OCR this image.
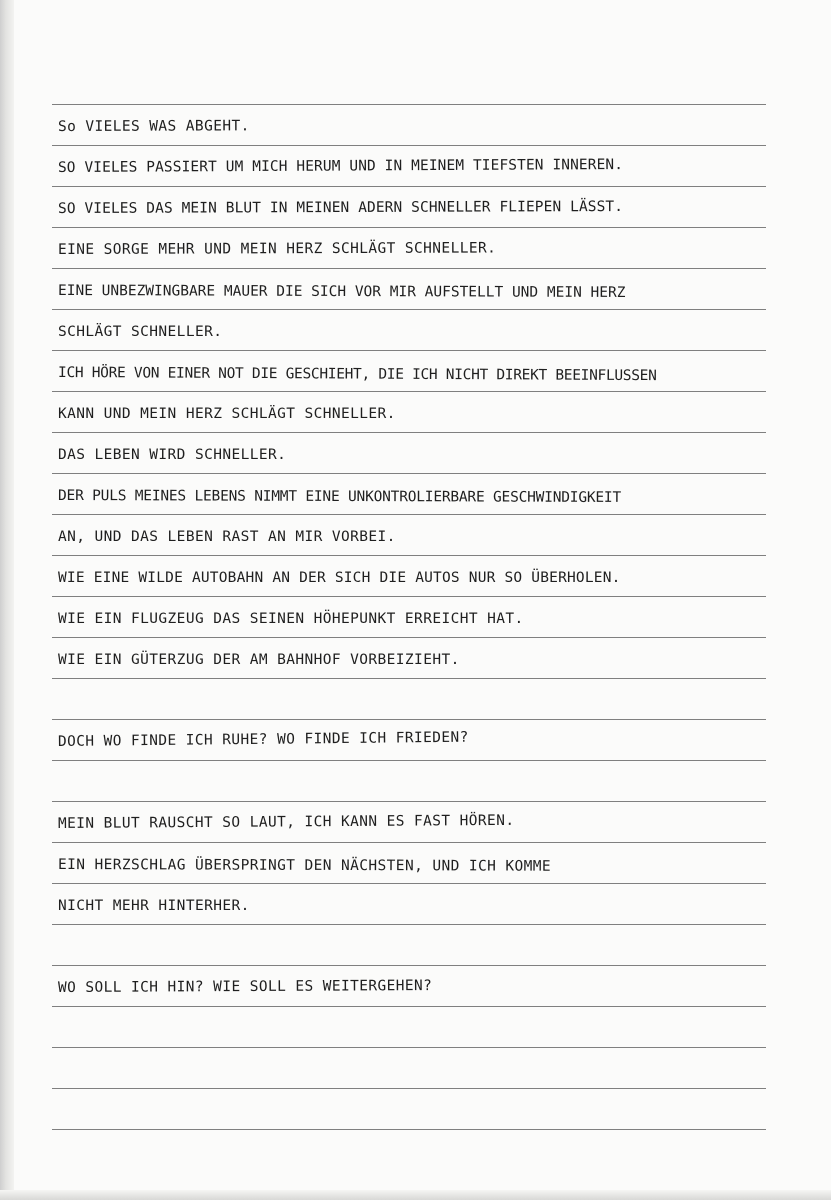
So VIELES WAS ABGEHT.
SO VIELES PASSIERT UM MICH HERUM UND IN MEINEM TIEFSTEN INNEREN.
SO VIELES DAS MEIN BLUT IN MEINEN ADERN SCHNELLER FLIEPEN LÄSST.
EINE SORGE MEHR UND MEIN HERZ SCHLÄGT SCHNELLER.
EINE UNBEZWINGBARE MAUER DIE SICH VOR MIR AUFSTELLT UND MEIN HERZ
SCHLÄGT SCHNELLER.
ICH HÖRE VON EINER NOT DIE GESCHIEHT, DIE ICH NICHT DIREKT BEEINFLUSSEN
KANN UND MEIN HERZ SCHLÄGT SCHNELLER.
DAS LEBEN WIRD SCHNELLER.
DER PULS MEINES LEBENS NIMMT EINE UNKONTROLIERBARE GESCHWINDIGKEIT
AN, UND DAS LEBEN RAST AN MIR VORBEI.
WIE EINE WILDE AUTOBAHN AN DER SICH DIE AUTOS NUR SO ÜBERHOLEN.
WIE EIN FLUGZEUG DAS SEINEN HÖHEPUNKT ERREICHT HAT.
WIE EIN GÜTERZUG DER AM BAHNHOF VORBEIZIEHT.
DOCH WO FINDE ICH RUHE? WO FINDE ICH FRIEDEN?
MEIN BLUT RAUSCHT SO LAUT, ICH KANN ES FAST HÖREN.
EIN HERZSCHLAG ÜBERSPRINGT DEN NÄCHSTEN, UND ICH KOMME
NICHT MEHR HINTERHER.
WO SOLL ICH HIN? WIE SOLL ES WEITERGEHEN?
